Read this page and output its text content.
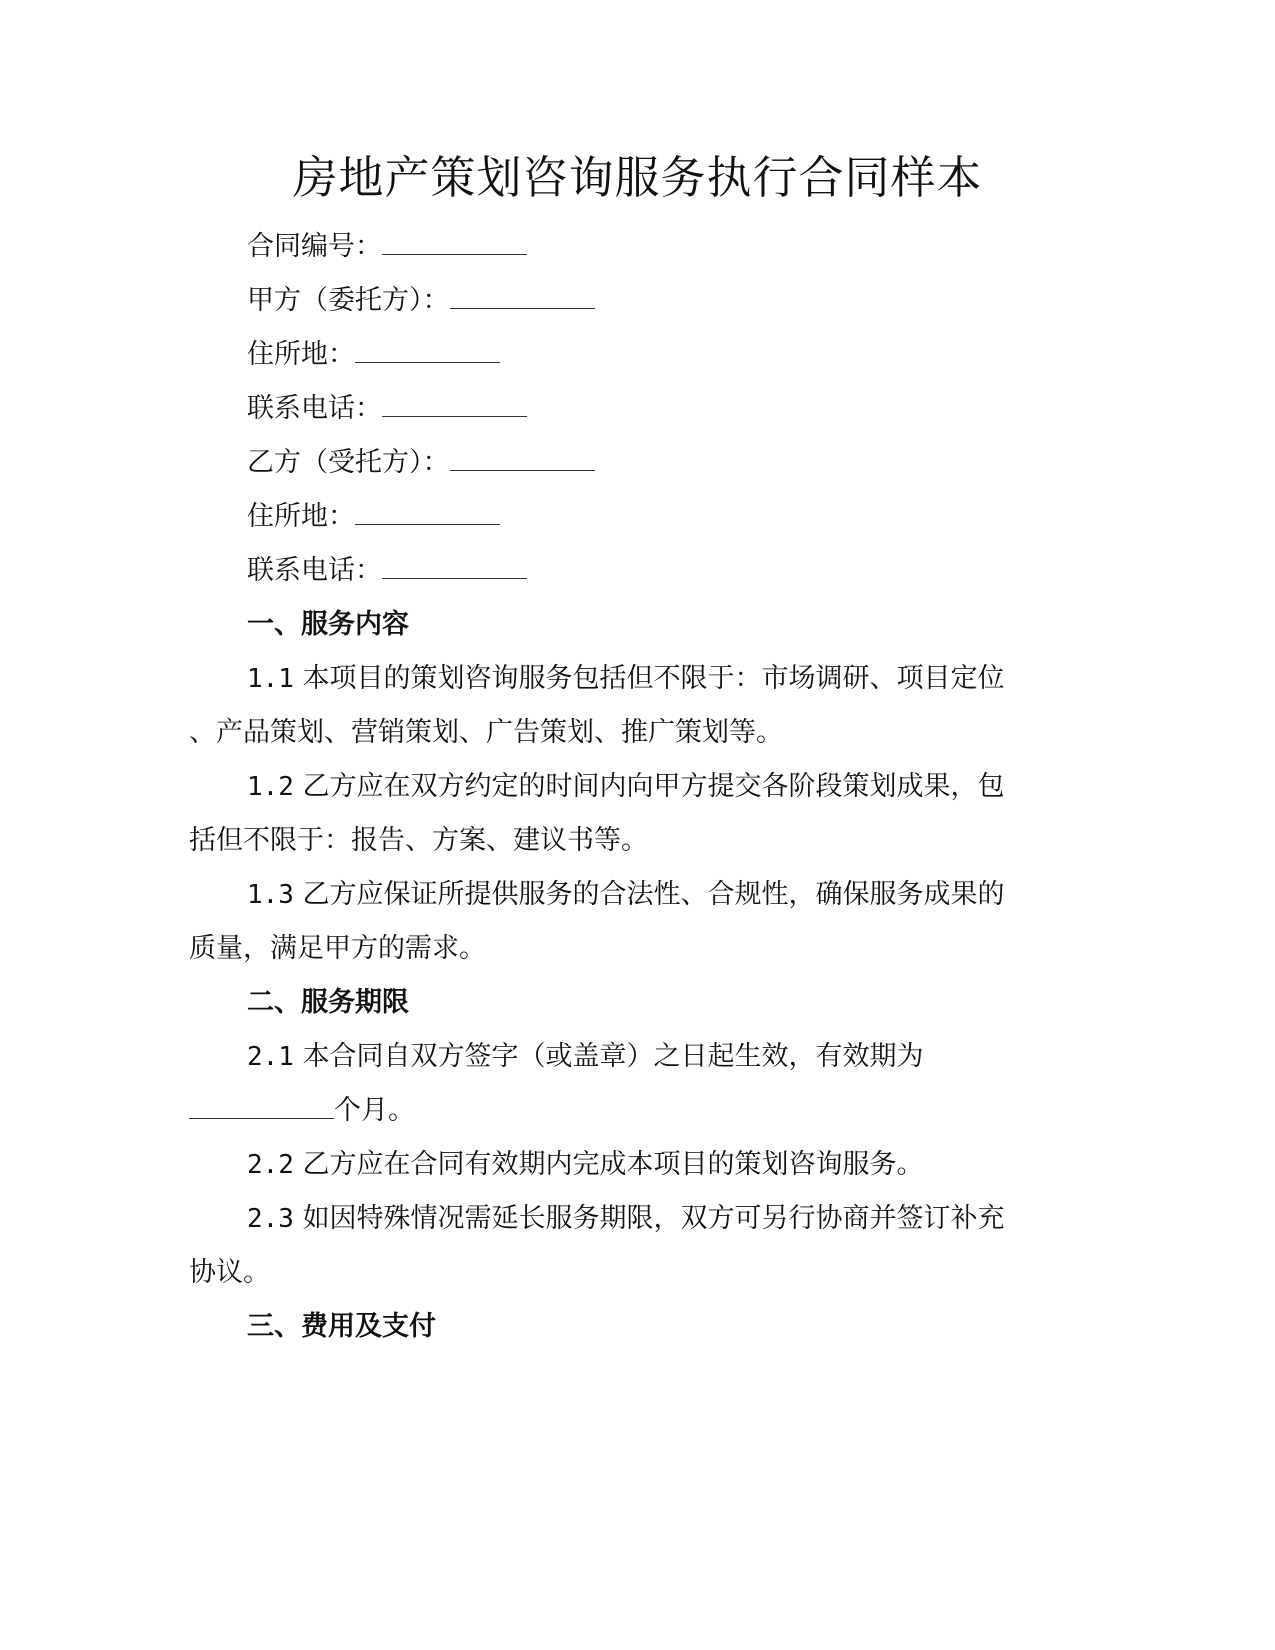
房地产策划咨询服务执行合同样本
合同编号：
甲方（委托方）：
住所地：
联系电话：
乙方（受托方）：
住所地：
联系电话：
一、服务内容
1.1 本项目的策划咨询服务包括但不限于：市场调研、项目定位
、产品策划、营销策划、广告策划、推广策划等。
1.2 乙方应在双方约定的时间内向甲方提交各阶段策划成果，包
括但不限于：报告、方案、建议书等。
1.3 乙方应保证所提供服务的合法性、合规性，确保服务成果的
质量，满足甲方的需求。
二、服务期限
2.1 本合同自双方签字（或盖章）之日起生效，有效期为
个月。
2.2 乙方应在合同有效期内完成本项目的策划咨询服务。
2.3 如因特殊情况需延长服务期限，双方可另行协商并签订补充
协议。
三、费用及支付
